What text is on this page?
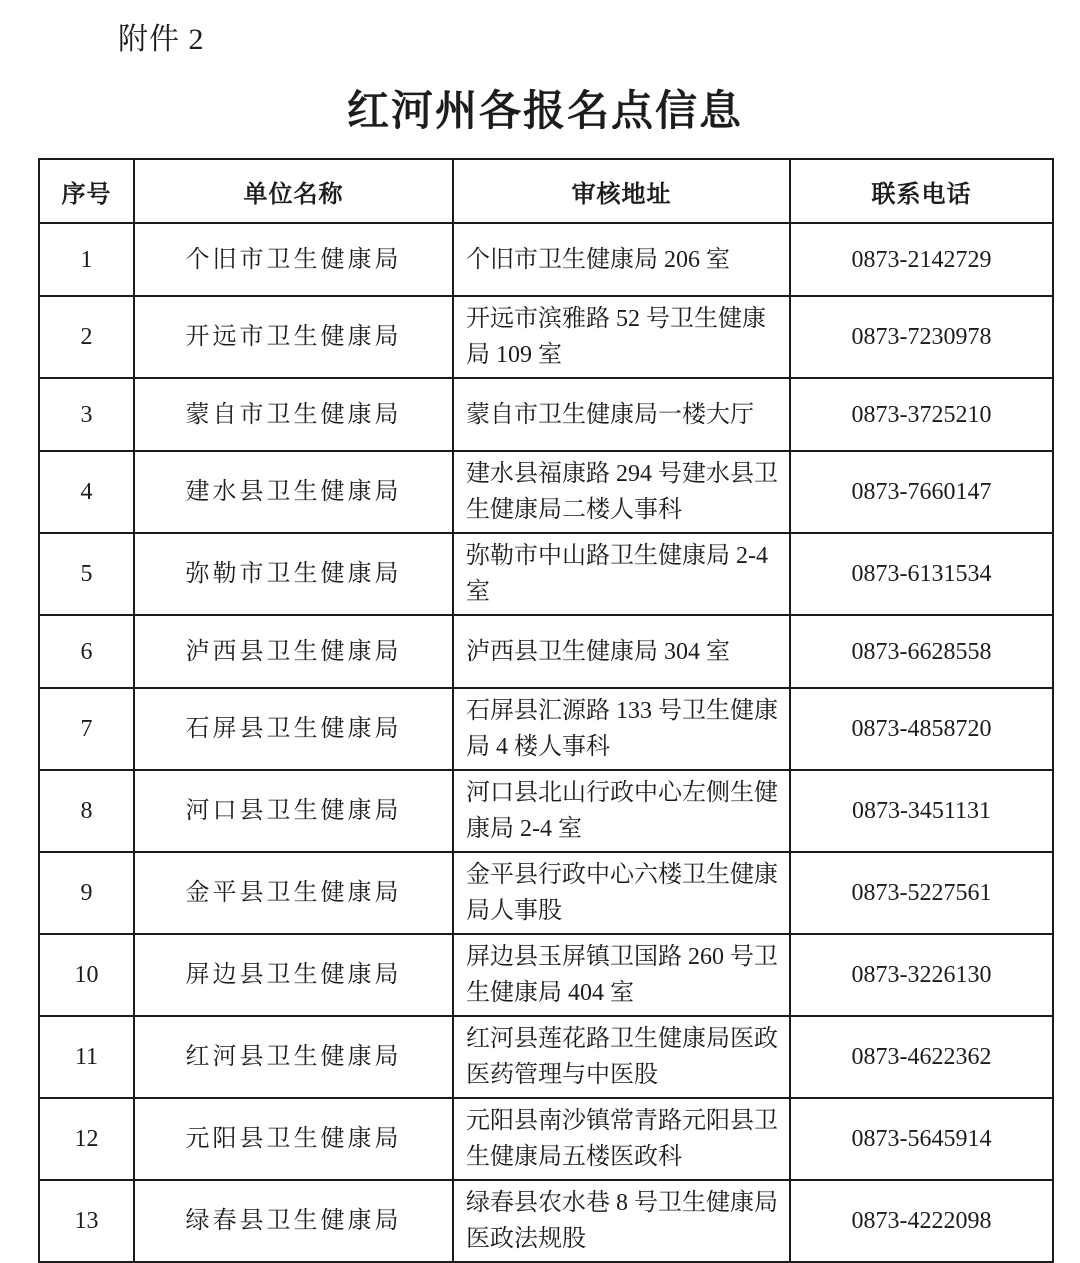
附件 2
红河州各报名点信息
序号	单位名称	审核地址	联系电话
1	个旧市卫生健康局	个旧市卫生健康局 206 室	0873-2142729
2	开远市卫生健康局	开远市滨雅路 52 号卫生健康局 109 室	0873-7230978
3	蒙自市卫生健康局	蒙自市卫生健康局一楼大厅	0873-3725210
4	建水县卫生健康局	建水县福康路 294 号建水县卫生健康局二楼人事科	0873-7660147
5	弥勒市卫生健康局	弥勒市中山路卫生健康局 2-4 室	0873-6131534
6	泸西县卫生健康局	泸西县卫生健康局 304 室	0873-6628558
7	石屏县卫生健康局	石屏县汇源路 133 号卫生健康局 4 楼人事科	0873-4858720
8	河口县卫生健康局	河口县北山行政中心左侧生健康局 2-4 室	0873-3451131
9	金平县卫生健康局	金平县行政中心六楼卫生健康局人事股	0873-5227561
10	屏边县卫生健康局	屏边县玉屏镇卫国路 260 号卫生健康局 404 室	0873-3226130
11	红河县卫生健康局	红河县莲花路卫生健康局医政医药管理与中医股	0873-4622362
12	元阳县卫生健康局	元阳县南沙镇常青路元阳县卫生健康局五楼医政科	0873-5645914
13	绿春县卫生健康局	绿春县农水巷 8 号卫生健康局医政法规股	0873-4222098
